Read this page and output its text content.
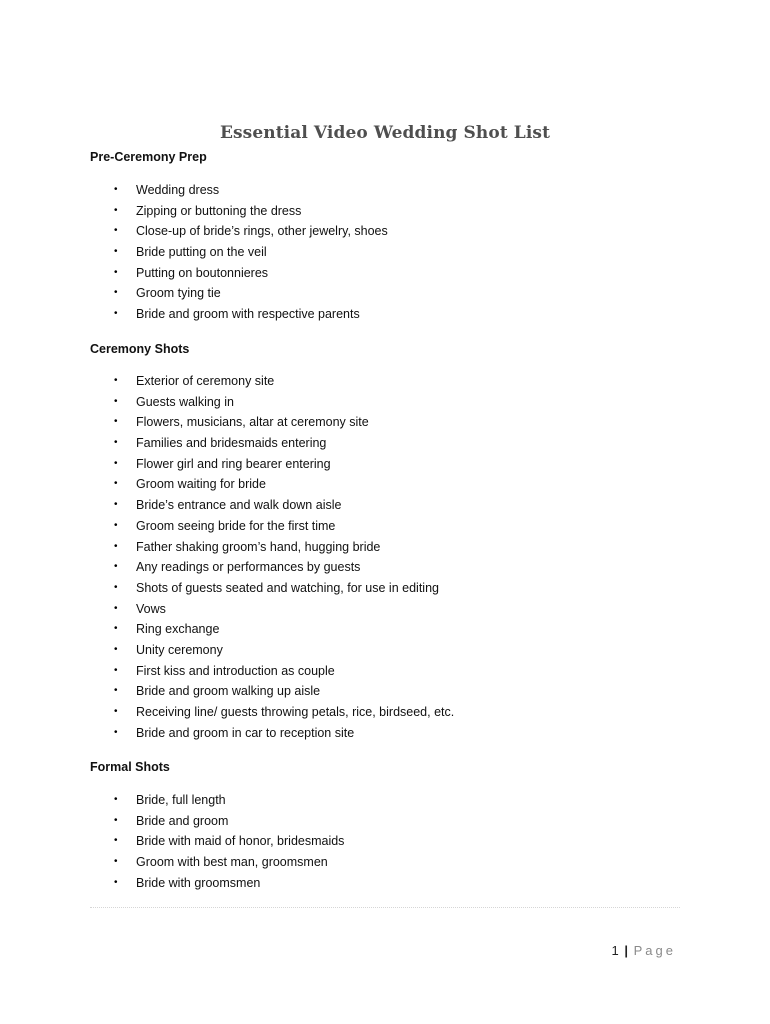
Essential Video Wedding Shot List
Pre-Ceremony Prep
• Wedding dress
• Zipping or buttoning the dress
• Close-up of bride’s rings, other jewelry, shoes
• Bride putting on the veil
• Putting on boutonnieres
• Groom tying tie
• Bride and groom with respective parents
Ceremony Shots
• Exterior of ceremony site
• Guests walking in
• Flowers, musicians, altar at ceremony site
• Families and bridesmaids entering
• Flower girl and ring bearer entering
• Groom waiting for bride
• Bride’s entrance and walk down aisle
• Groom seeing bride for the first time
• Father shaking groom’s hand, hugging bride
• Any readings or performances by guests
• Shots of guests seated and watching, for use in editing
• Vows
• Ring exchange
• Unity ceremony
• First kiss and introduction as couple
• Bride and groom walking up aisle
• Receiving line/ guests throwing petals, rice, birdseed, etc.
• Bride and groom in car to reception site
Formal Shots
• Bride, full length
• Bride and groom
• Bride with maid of honor, bridesmaids
• Groom with best man, groomsmen
• Bride with groomsmen
1 | Page
